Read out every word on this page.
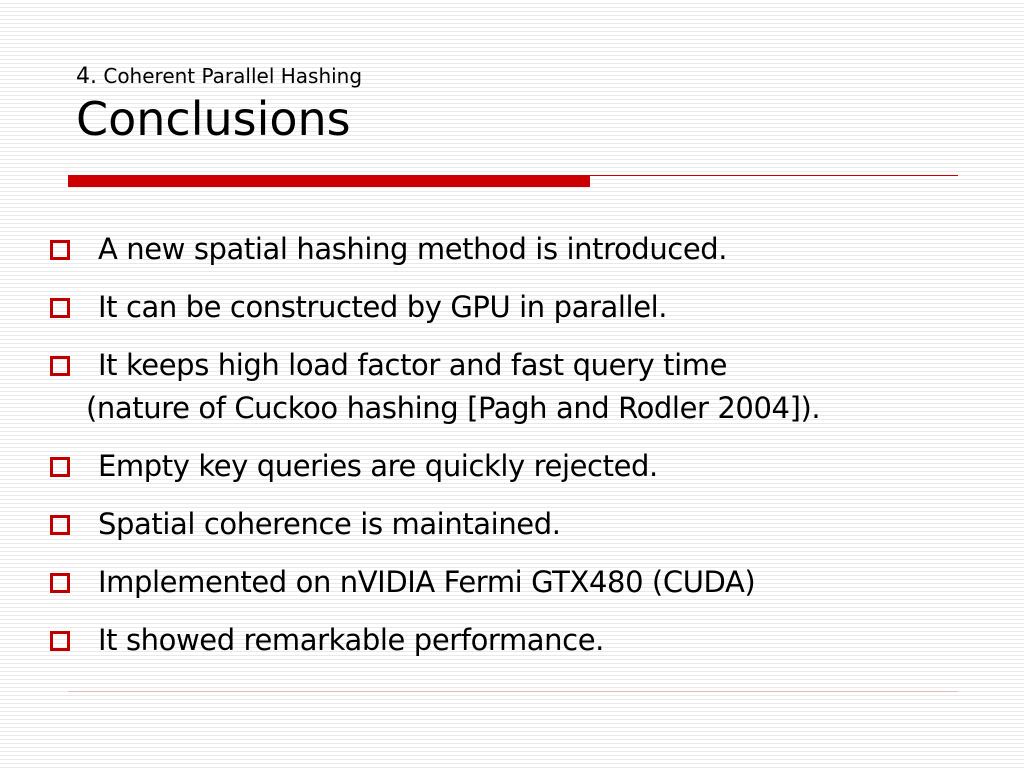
4. Coherent Parallel Hashing
Conclusions
A new spatial hashing method is introduced.
It can be constructed by GPU in parallel.
It keeps high load factor and fast query time
(nature of Cuckoo hashing [Pagh and Rodler 2004]).
Empty key queries are quickly rejected.
Spatial coherence is maintained.
Implemented on nVIDIA Fermi GTX480 (CUDA)
It showed remarkable performance.
